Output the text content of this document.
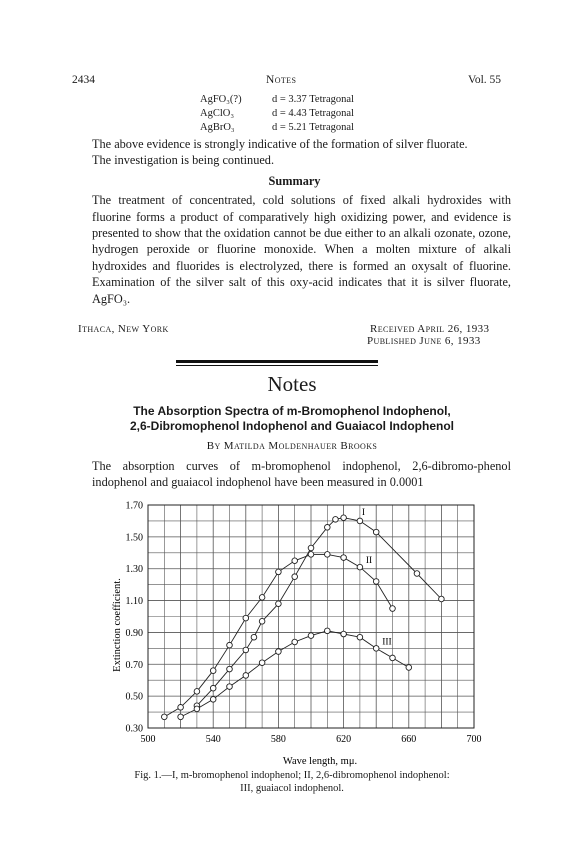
2434	Notes	Vol. 55
AgFO₃(?)	d = 3.37 Tetragonal
AgClO₃	d = 4.43 Tetragonal
AgBrO₃	d = 5.21 Tetragonal
The above evidence is strongly indicative of the formation of silver fluorate.
The investigation is being continued.
Summary
The treatment of concentrated, cold solutions of fixed alkali hydroxides with fluorine forms a product of comparatively high oxidizing power, and evidence is presented to show that the oxidation cannot be due either to an alkali ozonate, ozone, hydrogen peroxide or fluorine monoxide. When a molten mixture of alkali hydroxides and fluorides is electrolyzed, there is formed an oxysalt of fluorine. Examination of the silver salt of this oxy-acid indicates that it is silver fluorate, AgFO₃.
Ithaca, New York	Received April 26, 1933
Published June 6, 1933
Notes
The Absorption Spectra of m-Bromophenol Indophenol,
2,6-Dibromophenol Indophenol and Guaiacol Indophenol
By Matilda Moldenhauer Brooks
The absorption curves of m-bromophenol indophenol, 2,6-dibromo-phenol indophenol and guaiacol indophenol have been measured in 0.0001
I
II
III
500	540	580	620	660	700
0.30
0.50
0.70
0.90
1.10
1.30
1.50
1.70
Wave length, mμ.
Extinction coefficient.
Fig. 1.—I, m-bromophenol indophenol; II, 2,6-dibromophenol indophenol:
III, guaiacol indophenol.
